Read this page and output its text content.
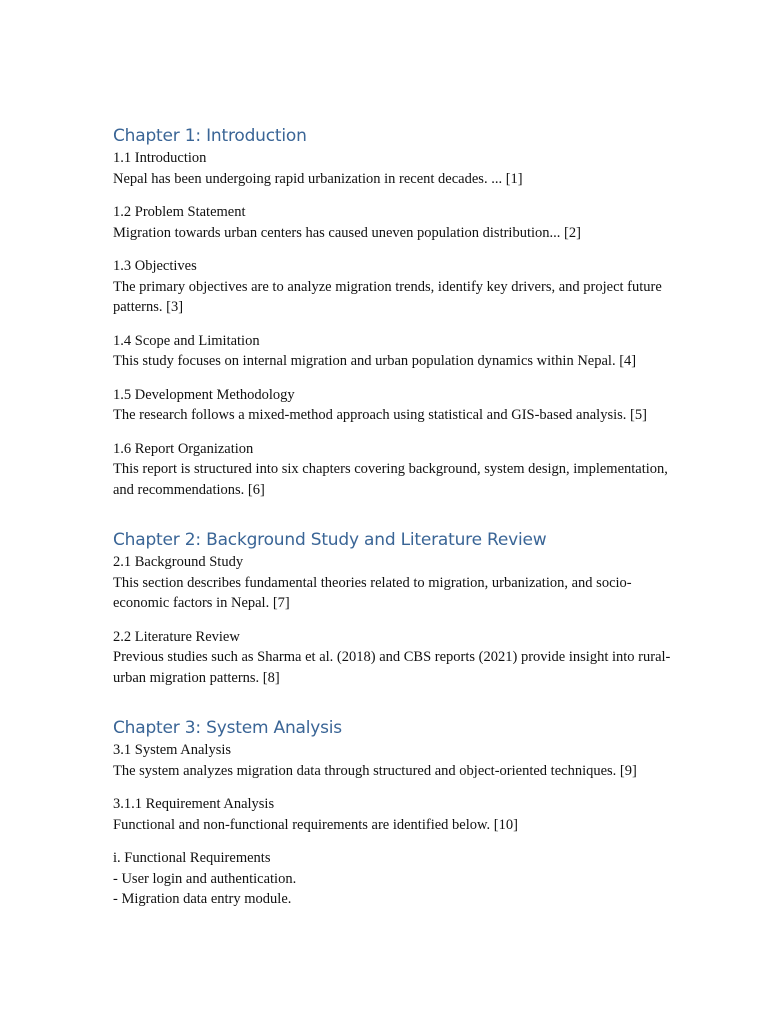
Chapter 1: Introduction
1.1 Introduction
Nepal has been undergoing rapid urbanization in recent decades. ... [1]
1.2 Problem Statement
Migration towards urban centers has caused uneven population distribution... [2]
1.3 Objectives
The primary objectives are to analyze migration trends, identify key drivers, and project future patterns. [3]
1.4 Scope and Limitation
This study focuses on internal migration and urban population dynamics within Nepal. [4]
1.5 Development Methodology
The research follows a mixed-method approach using statistical and GIS-based analysis. [5]
1.6 Report Organization
This report is structured into six chapters covering background, system design, implementation, and recommendations. [6]
Chapter 2: Background Study and Literature Review
2.1 Background Study
This section describes fundamental theories related to migration, urbanization, and socio-economic factors in Nepal. [7]
2.2 Literature Review
Previous studies such as Sharma et al. (2018) and CBS reports (2021) provide insight into rural-urban migration patterns. [8]
Chapter 3: System Analysis
3.1 System Analysis
The system analyzes migration data through structured and object-oriented techniques. [9]
3.1.1 Requirement Analysis
Functional and non-functional requirements are identified below. [10]
i. Functional Requirements
- User login and authentication.
- Migration data entry module.
